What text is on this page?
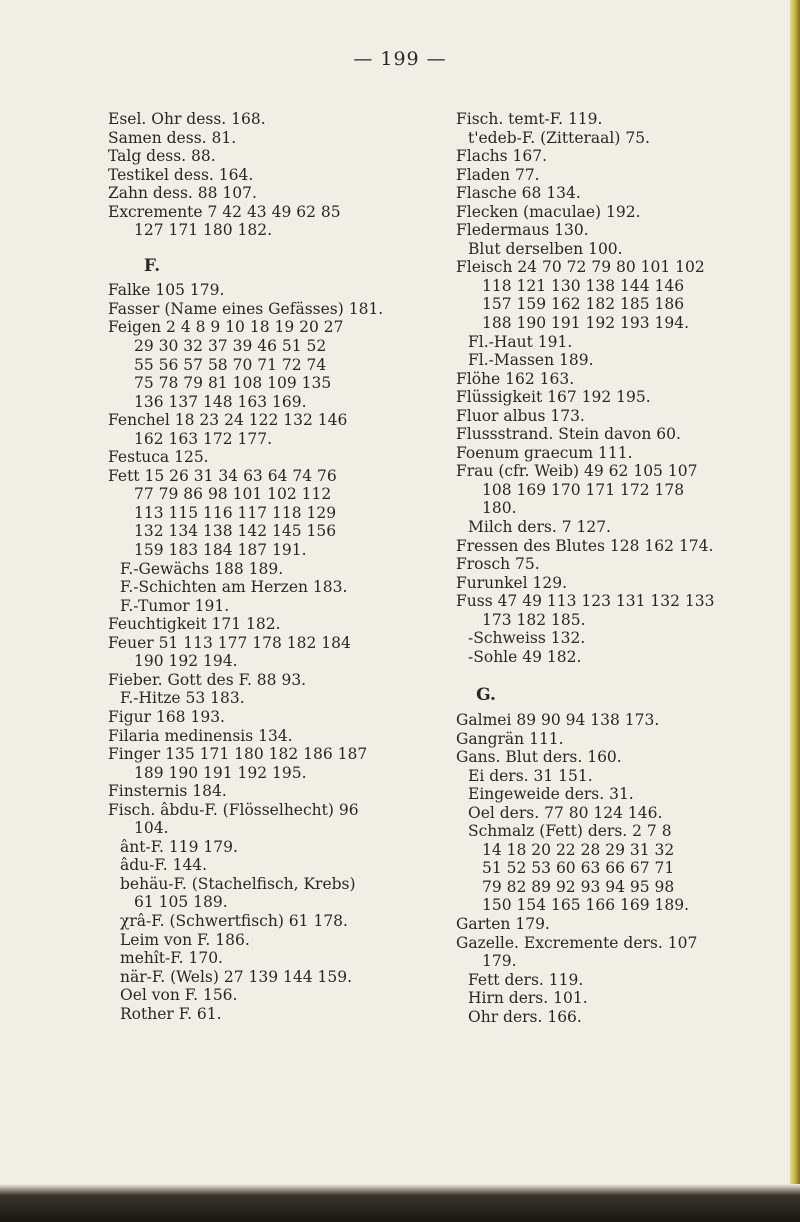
— 199 —
Esel. Ohr dess. 168.
Samen dess. 81.
Talg dess. 88.
Testikel dess. 164.
Zahn dess. 88 107.
Excremente 7 42 43 49 62 85
127 171 180 182.
F.
Falke 105 179.
Fasser (Name eines Gefässes) 181.
Feigen 2 4 8 9 10 18 19 20 27
29 30 32 37 39 46 51 52
55 56 57 58 70 71 72 74
75 78 79 81 108 109 135
136 137 148 163 169.
Fenchel 18 23 24 122 132 146
162 163 172 177.
Festuca 125.
Fett 15 26 31 34 63 64 74 76
77 79 86 98 101 102 112
113 115 116 117 118 129
132 134 138 142 145 156
159 183 184 187 191.
F.-Gewächs 188 189.
F.-Schichten am Herzen 183.
F.-Tumor 191.
Feuchtigkeit 171 182.
Feuer 51 113 177 178 182 184
190 192 194.
Fieber. Gott des F. 88 93.
F.-Hitze 53 183.
Figur 168 193.
Filaria medinensis 134.
Finger 135 171 180 182 186 187
189 190 191 192 195.
Finsternis 184.
Fisch. âbdu-F. (Flösselhecht) 96
104.
ânt-F. 119 179.
âdu-F. 144.
behäu-F. (Stachelfisch, Krebs)
61 105 189.
χrâ-F. (Schwertfisch) 61 178.
Leim von F. 186.
mehît-F. 170.
när-F. (Wels) 27 139 144 159.
Oel von F. 156.
Rother F. 61.
Fisch. temt-F. 119.
t'edeb-F. (Zitteraal) 75.
Flachs 167.
Fladen 77.
Flasche 68 134.
Flecken (maculae) 192.
Fledermaus 130.
Blut derselben 100.
Fleisch 24 70 72 79 80 101 102
118 121 130 138 144 146
157 159 162 182 185 186
188 190 191 192 193 194.
Fl.-Haut 191.
Fl.-Massen 189.
Flöhe 162 163.
Flüssigkeit 167 192 195.
Fluor albus 173.
Flussstrand. Stein davon 60.
Foenum graecum 111.
Frau (cfr. Weib) 49 62 105 107
108 169 170 171 172 178
180.
Milch ders. 7 127.
Fressen des Blutes 128 162 174.
Frosch 75.
Furunkel 129.
Fuss 47 49 113 123 131 132 133
173 182 185.
-Schweiss 132.
-Sohle 49 182.
G.
Galmei 89 90 94 138 173.
Gangrän 111.
Gans. Blut ders. 160.
Ei ders. 31 151.
Eingeweide ders. 31.
Oel ders. 77 80 124 146.
Schmalz (Fett) ders. 2 7 8
14 18 20 22 28 29 31 32
51 52 53 60 63 66 67 71
79 82 89 92 93 94 95 98
150 154 165 166 169 189.
Garten 179.
Gazelle. Excremente ders. 107
179.
Fett ders. 119.
Hirn ders. 101.
Ohr ders. 166.
